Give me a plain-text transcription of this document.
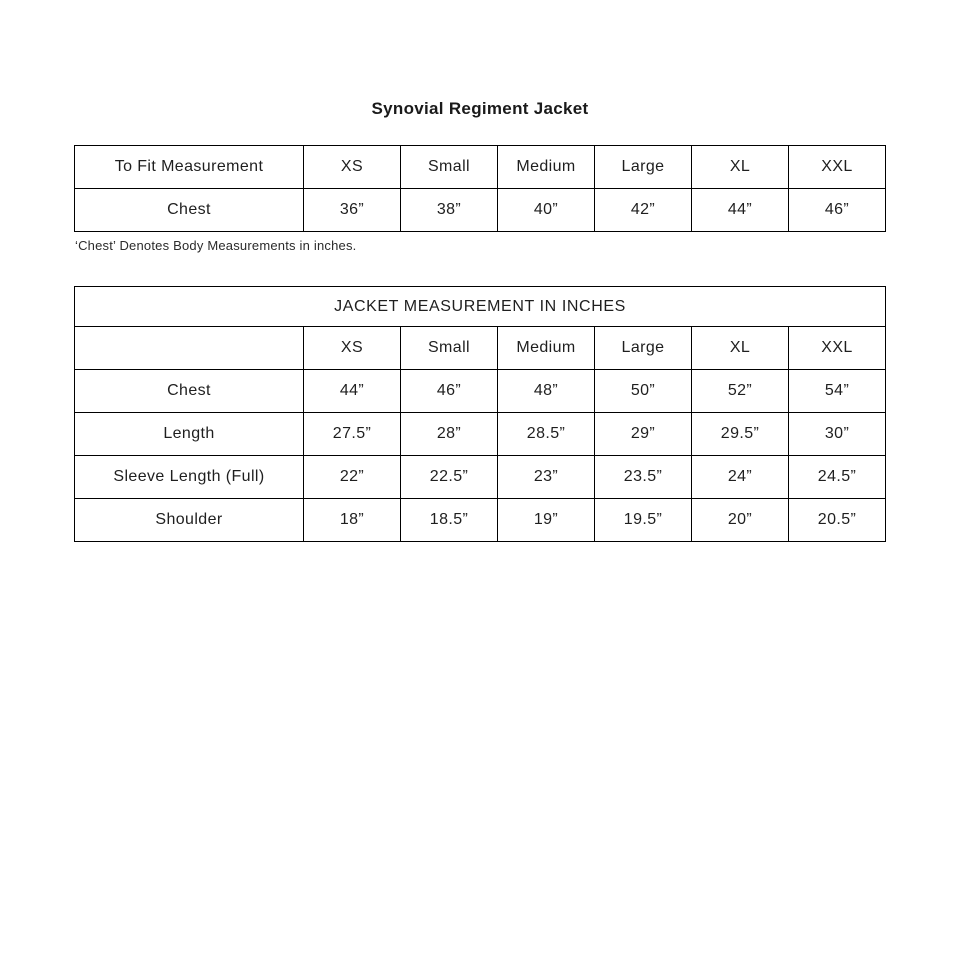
Synovial Regiment Jacket
To Fit Measurement	XS	Small	Medium	Large	XL	XXL
Chest	36”	38”	40”	42”	44”	46”

‘Chest’ Denotes Body Measurements in inches.

JACKET MEASUREMENT IN INCHES						
	XS	Small	Medium	Large	XL	XXL
Chest	44”	46”	48”	50”	52”	54”
Length	27.5”	28”	28.5”	29”	29.5”	30”
Sleeve Length (Full)	22”	22.5”	23”	23.5”	24”	24.5”
Shoulder	18”	18.5”	19”	19.5”	20”	20.5”
